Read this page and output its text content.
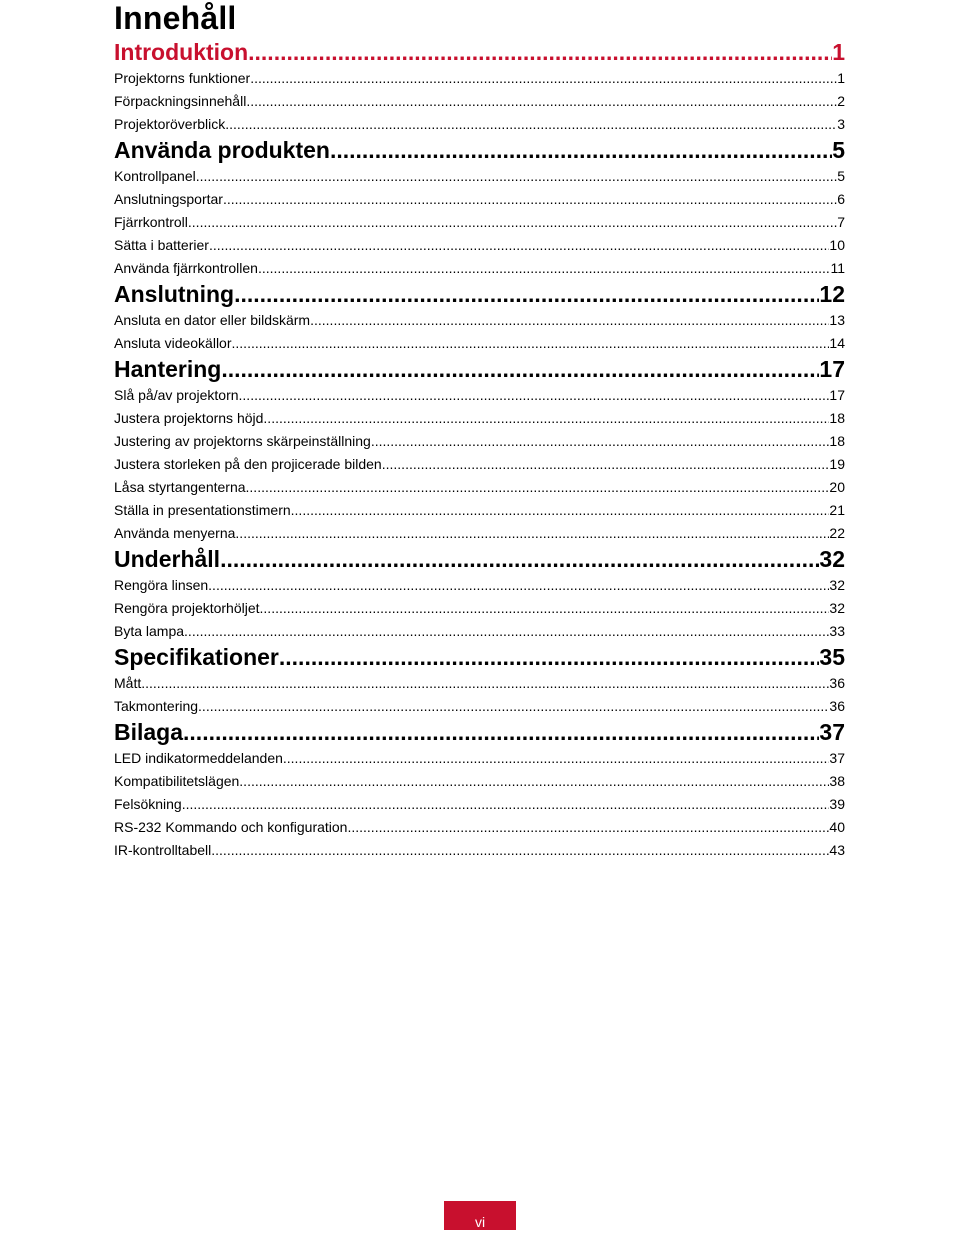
Innehåll
Introduktion .....	1
Projektorns funktioner .....	1
Förpackningsinnehåll .....	2
Projektoröverblick .....	3
Använda produkten .....	5
Kontrollpanel .....	5
Anslutningsportar .....	6
Fjärrkontroll .....	7
Sätta i batterier .....	10
Använda fjärrkontrollen .....	11
Anslutning .....	12
Ansluta en dator eller bildskärm .....	13
Ansluta videokällor .....	14
Hantering .....	17
Slå på/av projektorn .....	17
Justera projektorns höjd .....	18
Justering av projektorns skärpeinställning .....	18
Justera storleken på den projicerade bilden .....	19
Låsa styrtangenterna .....	20
Ställa in presentationstimern .....	21
Använda menyerna .....	22
Underhåll .....	32
Rengöra linsen .....	32
Rengöra projektorhöljet .....	32
Byta lampa .....	33
Specifikationer .....	35
Mått .....	36
Takmontering .....	36
Bilaga .....	37
LED indikatormeddelanden .....	37
Kompatibilitetslägen .....	38
Felsökning .....	39
RS-232 Kommando och konfiguration .....	40
IR-kontrolltabell .....	43
vi
